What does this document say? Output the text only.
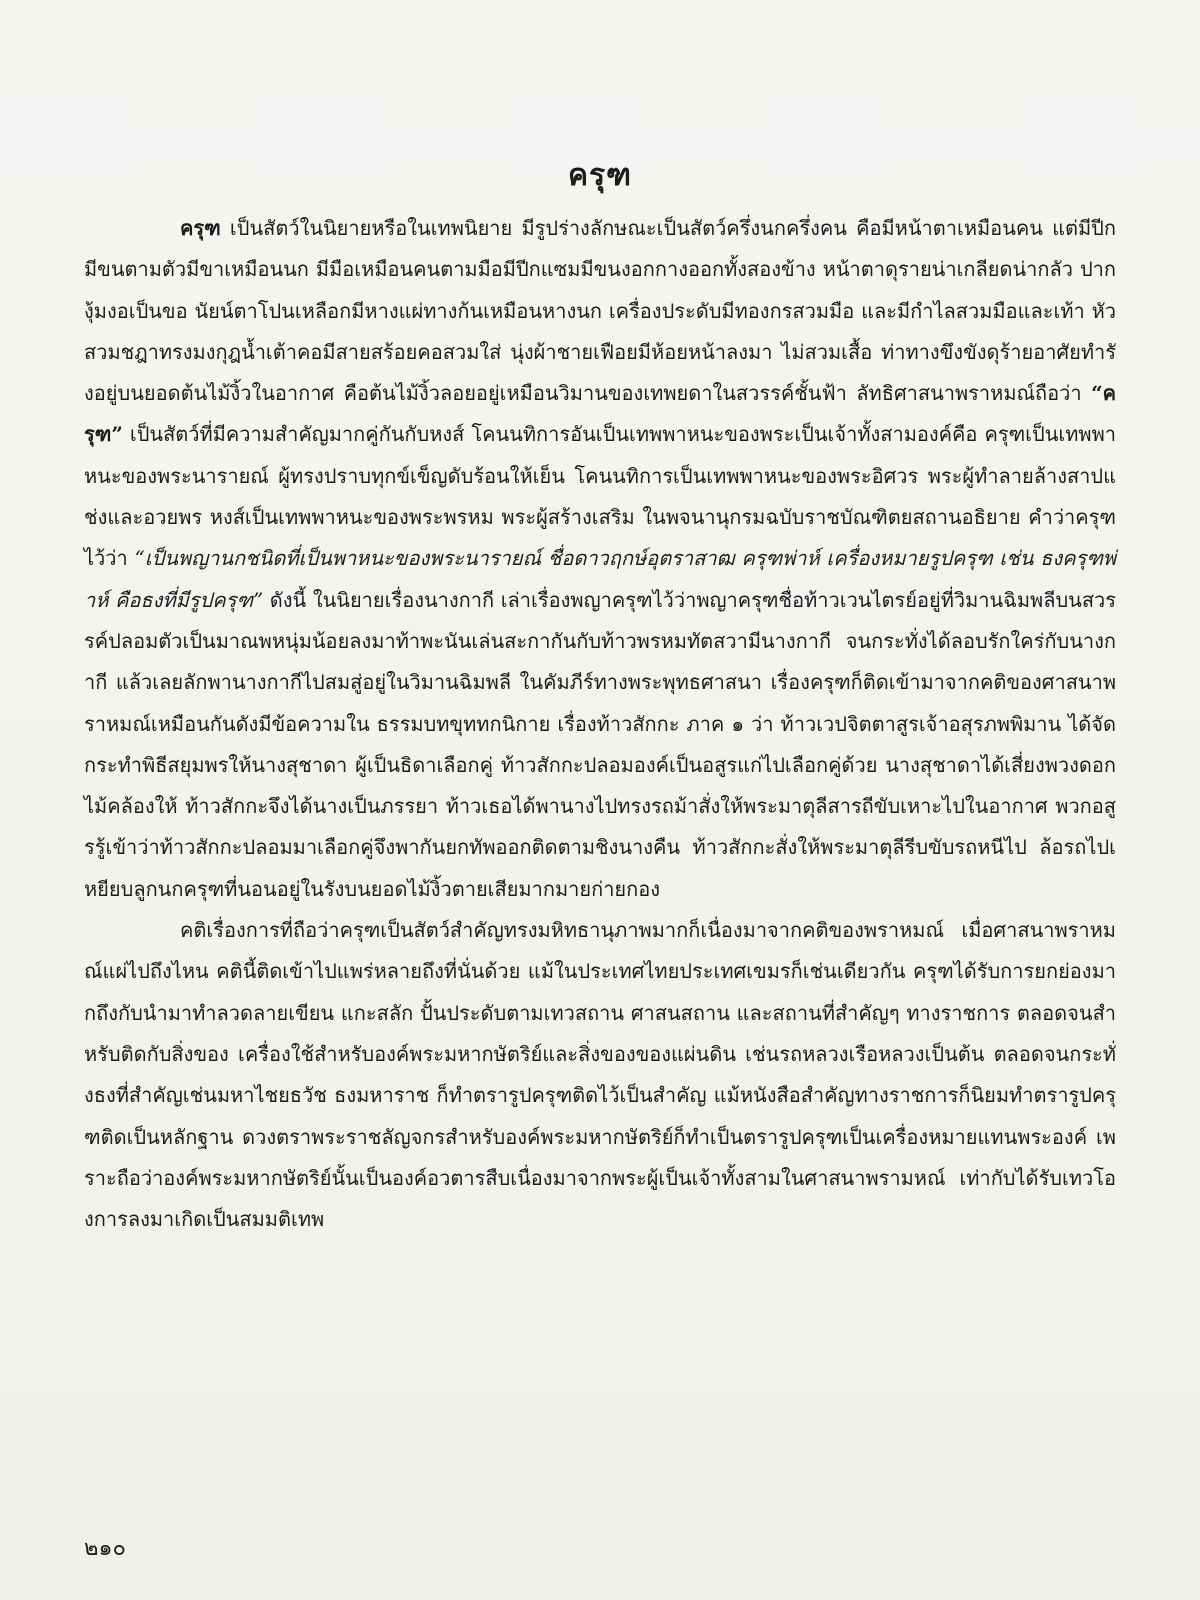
ครุฑ

ครุฑ เป็นสัตว์ในนิยายหรือในเทพนิยาย มีรูปร่างลักษณะเป็นสัตว์ครึ่งนกครึ่งคน คือมีหน้าตาเหมือนคน แต่มีปีกมีขนตามตัวมีขาเหมือนนก มีมือเหมือนคนตามมือมีปีกแซมมีขนงอกกางออกทั้งสองข้าง หน้าตาดุรายน่าเกลียดน่ากลัว ปากงุ้มงอเป็นขอ นัยน์ตาโปนเหลือกมีหางแผ่ทางก้นเหมือนหางนก เครื่องประดับมีทองกรสวมมือ และมีกำไลสวมมือและเท้า หัวสวมชฎาทรงมงกุฎน้ำเต้าคอมีสายสร้อยคอสวมใส่ นุ่งผ้าชายเฟือยมีห้อยหน้าลงมา ไม่สวมเสื้อ ท่าทางขึงขังดุร้ายอาศัยทำรังอยู่บนยอดต้นไม้งิ้วในอากาศ คือต้นไม้งิ้วลอยอยู่เหมือนวิมานของเทพยดาในสวรรค์ชั้นฟ้า ลัทธิศาสนาพราหมณ์ถือว่า “ครุฑ” เป็นสัตว์ที่มีความสำคัญมากคู่กันกับหงส์ โคนนทิการอันเป็นเทพพาหนะของพระเป็นเจ้าทั้งสามองค์คือ ครุฑเป็นเทพพาหนะของพระนารายณ์ ผู้ทรงปราบทุกข์เข็ญดับร้อนให้เย็น โคนนทิการเป็นเทพพาหนะของพระอิศวร พระผู้ทำลายล้างสาปแช่งและอวยพร หงส์เป็นเทพพาหนะของพระพรหม พระผู้สร้างเสริม ในพจนานุกรมฉบับราชบัณฑิตยสถานอธิยาย คำว่าครุฑไว้ว่า “เป็นพญานกชนิดที่เป็นพาหนะของพระนารายณ์ ชื่อดาวฤกษ์อุตราสาฒ ครุฑพ่าห์ เครื่องหมายรูปครุฑ เช่น ธงครุฑพ่าห์ คือธงที่มีรูปครุฑ” ดังนี้ ในนิยายเรื่องนางกากี เล่าเรื่องพญาครุฑไว้ว่าพญาครุฑชื่อท้าวเวนไตรย์อยู่ที่วิมานฉิมพลีบนสวรรค์ปลอมตัวเป็นมาณพหนุ่มน้อยลงมาท้าพะนันเล่นสะกากันกับท้าวพรหมทัตสวามีนางกากี จนกระทั่งได้ลอบรักใคร่กับนางกากี แล้วเลยลักพานางกากีไปสมสู่อยู่ในวิมานฉิมพลี ในคัมภีร์ทางพระพุทธศาสนา เรื่องครุฑก็ติดเข้ามาจากคติของศาสนาพราหมณ์เหมือนกันดังมีข้อความใน ธรรมบทขุททกนิกาย เรื่องท้าวสักกะ ภาค ๑ ว่า ท้าวเวปจิตตาสูรเจ้าอสุรภพพิมาน ได้จัดกระทำพิธีสยุมพรให้นางสุชาดา ผู้เป็นธิดาเลือกคู่ ท้าวสักกะปลอมองค์เป็นอสูรแก่ไปเลือกคู่ด้วย นางสุชาดาได้เสี่ยงพวงดอกไม้คล้องให้ ท้าวสักกะจึงได้นางเป็นภรรยา ท้าวเธอได้พานางไปทรงรถม้าสั่งให้พระมาตุลีสารถีขับเหาะไปในอากาศ พวกอสูรรู้เข้าว่าท้าวสักกะปลอมมาเลือกคู่จึงพากันยกทัพออกติดตามชิงนางคืน ท้าวสักกะสั่งให้พระมาตุลีรีบขับรถหนีไป ล้อรถไปเหยียบลูกนกครุฑที่นอนอยู่ในรังบนยอดไม้งิ้วตายเสียมากมายก่ายกอง

คติเรื่องการที่ถือว่าครุฑเป็นสัตว์สำคัญทรงมหิทธานุภาพมากก็เนื่องมาจากคติของพราหมณ์ เมื่อศาสนาพราหมณ์แผ่ไปถึงไหน คตินี้ติดเข้าไปแพร่หลายถึงที่นั่นด้วย แม้ในประเทศไทยประเทศเขมรก็เช่นเดียวกัน ครุฑได้รับการยกย่องมากถึงกับนำมาทำลวดลายเขียน แกะสลัก ปั้นประดับตามเทวสถาน ศาสนสถาน และสถานที่สำคัญๆ ทางราชการ ตลอดจนสำหรับติดกับสิ่งของ เครื่องใช้สำหรับองค์พระมหากษัตริย์และสิ่งของของแผ่นดิน เช่นรถหลวงเรือหลวงเป็นต้น ตลอดจนกระทั่งธงที่สำคัญเช่นมหาไชยธวัช ธงมหาราช ก็ทำตรารูปครุฑติดไว้เป็นสำคัญ แม้หนังสือสำคัญทางราชการก็นิยมทำตรารูปครุฑติดเป็นหลักฐาน ดวงตราพระราชลัญจกรสำหรับองค์พระมหากษัตริย์ก็ทำเป็นตรารูปครุฑเป็นเครื่องหมายแทนพระองค์ เพราะถือว่าองค์พระมหากษัตริย์นั้นเป็นองค์อวตารสืบเนื่องมาจากพระผู้เป็นเจ้าทั้งสามในศาสนาพรามหณ์ เท่ากับได้รับเทวโองการลงมาเกิดเป็นสมมติเทพ

๒๑๐
